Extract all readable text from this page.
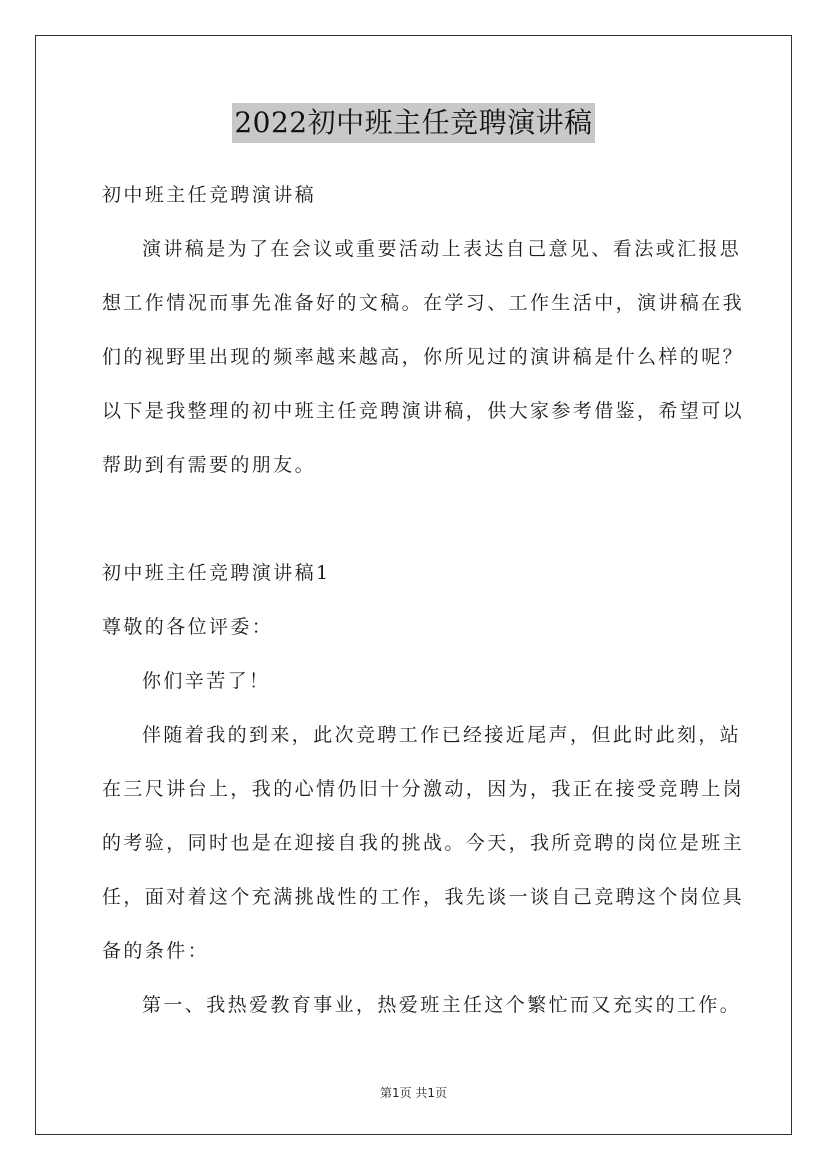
2022初中班主任竞聘演讲稿
初中班主任竞聘演讲稿
演讲稿是为了在会议或重要活动上表达自己意见、看法或汇报思
想工作情况而事先准备好的文稿。在学习、工作生活中，演讲稿在我
们的视野里出现的频率越来越高，你所见过的演讲稿是什么样的呢？
以下是我整理的初中班主任竞聘演讲稿，供大家参考借鉴，希望可以
帮助到有需要的朋友。
初中班主任竞聘演讲稿1
尊敬的各位评委：
你们辛苦了！
伴随着我的到来，此次竞聘工作已经接近尾声，但此时此刻，站
在三尺讲台上，我的心情仍旧十分激动，因为，我正在接受竞聘上岗
的考验，同时也是在迎接自我的挑战。今天，我所竞聘的岗位是班主
任，面对着这个充满挑战性的工作，我先谈一谈自己竞聘这个岗位具
备的条件：
第一、我热爱教育事业，热爱班主任这个繁忙而又充实的工作。
第1页 共1页
